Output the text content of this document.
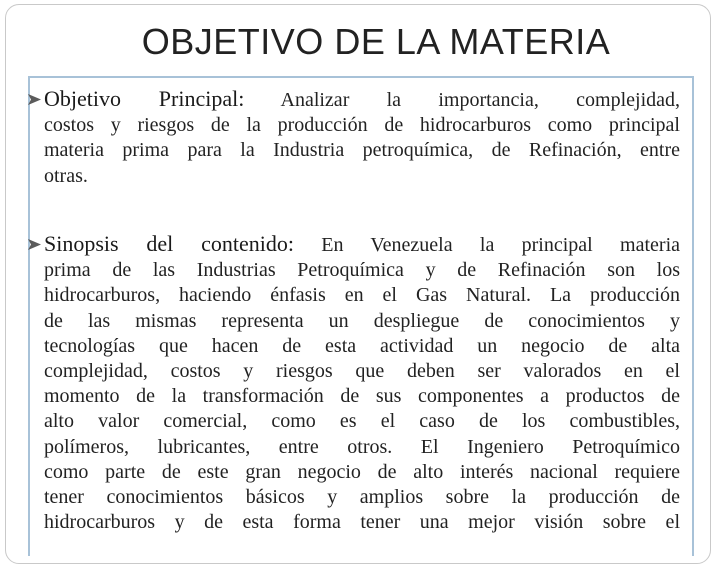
OBJETIVO DE LA MATERIA
Objetivo Principal: Analizar la importancia, complejidad,
costos y riesgos de la producción de hidrocarburos como principal
materia prima para la Industria petroquímica, de Refinación, entre
otras.
Sinopsis del contenido: En Venezuela la principal materia
prima de las Industrias Petroquímica y de Refinación son los
hidrocarburos, haciendo énfasis en el Gas Natural. La producción
de las mismas representa un despliegue de conocimientos y
tecnologías que hacen de esta actividad un negocio de alta
complejidad, costos y riesgos que deben ser valorados en el
momento de la transformación de sus componentes a productos de
alto valor comercial, como es el caso de los combustibles,
polímeros, lubricantes, entre otros. El Ingeniero Petroquímico
como parte de este gran negocio de alto interés nacional requiere
tener conocimientos básicos y amplios sobre la producción de
hidrocarburos y de esta forma tener una mejor visión sobre el
